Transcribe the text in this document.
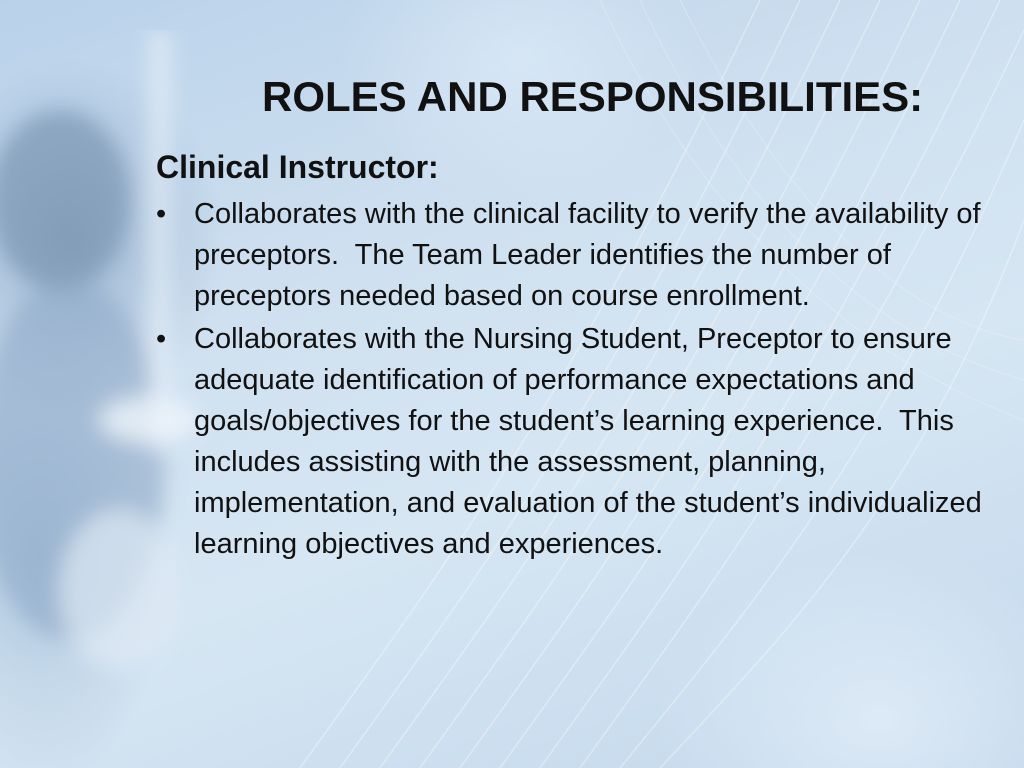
ROLES AND RESPONSIBILITIES:
Clinical Instructor:
• Collaborates with the clinical facility to verify the availability of preceptors.  The Team Leader identifies the number of preceptors needed based on course enrollment.
• Collaborates with the Nursing Student, Preceptor to ensure adequate identification of performance expectations and goals/objectives for the student’s learning experience.  This includes assisting with the assessment, planning, implementation, and evaluation of the student’s individualized learning objectives and experiences.
